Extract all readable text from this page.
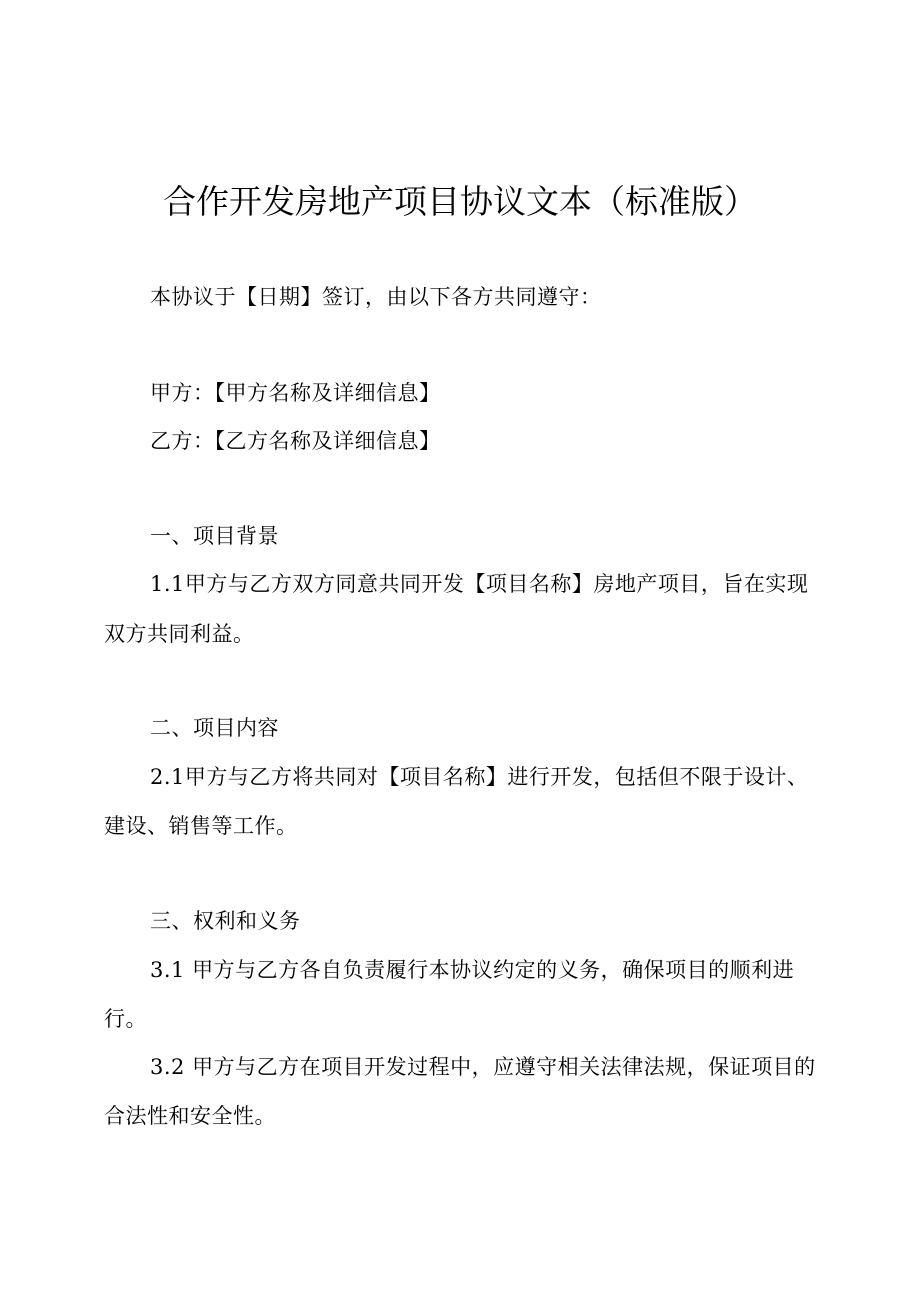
合作开发房地产项目协议文本（标准版）
本协议于【日期】签订，由以下各方共同遵守：
甲方：【甲方名称及详细信息】
乙方：【乙方名称及详细信息】
一、项目背景
1.1甲方与乙方双方同意共同开发【项目名称】房地产项目，旨在实现
双方共同利益。
二、项目内容
2.1甲方与乙方将共同对【项目名称】进行开发，包括但不限于设计、
建设、销售等工作。
三、权利和义务
3.1 甲方与乙方各自负责履行本协议约定的义务，确保项目的顺利进
行。
3.2 甲方与乙方在项目开发过程中，应遵守相关法律法规，保证项目的
合法性和安全性。
